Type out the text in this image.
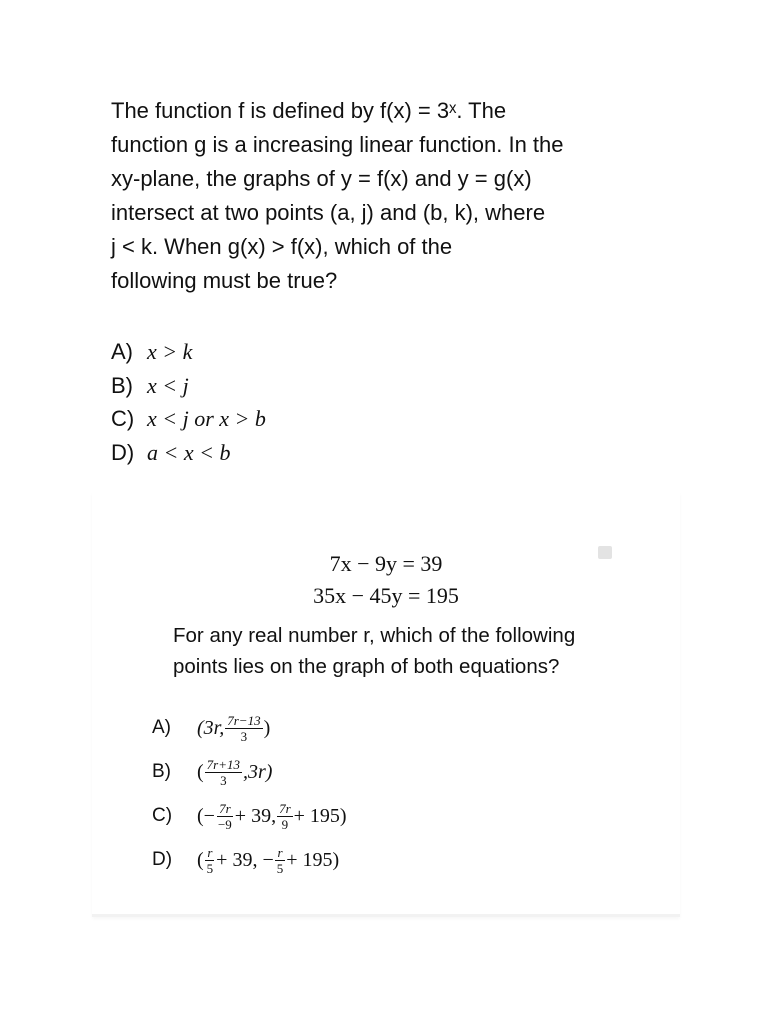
The function f is defined by f(x) = 3ˣ. The
function g is a increasing linear function. In the
xy-plane, the graphs of y = f(x) and y = g(x)
intersect at two points (a, j) and (b, k), where
j < k. When g(x) > f(x), which of the
following must be true?
A) x > k
B) x < j
C) x < j or x > b
D) a < x < b
7x − 9y = 39
35x − 45y = 195
For any real number r, which of the following
points lies on the graph of both equations?
A)	(3r, $\frac{7r-13}{3}$ )
B)	( $\frac{7r+13}{3} ,3r$)
C)	(− $\frac{7r}{-9} + 39$, $\frac{7r}{9} + 195$)
D)	( $\frac{r}{5} + 39$, − $\frac{r}{5} + 195$)
